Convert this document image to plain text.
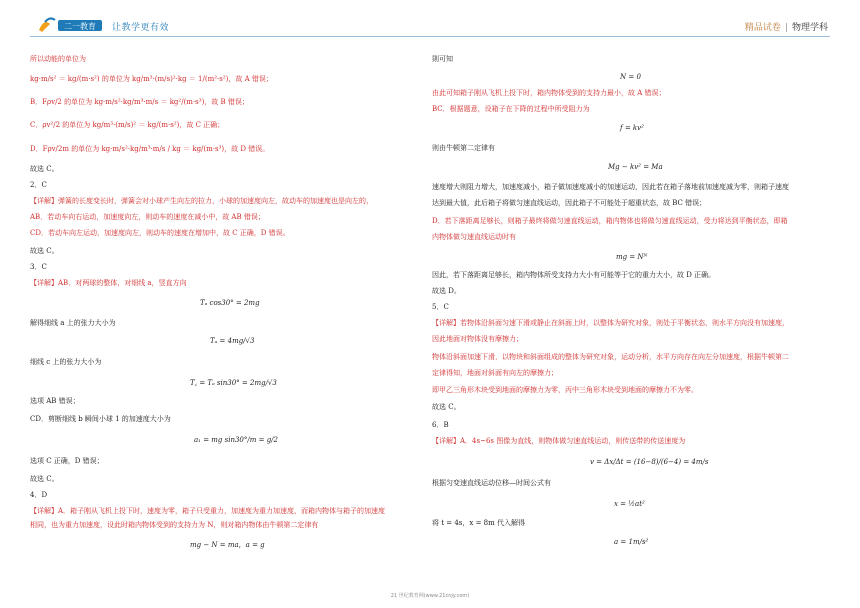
二一教育 让教学更有效	精品试卷 | 物理学科
所以动能的单位为
kg·m/s² ＝ kg/(m·s²) 的单位为 kg/m³·(m/s)²·kg ＝ 1/(m²·s²)，故 A 错误；
B．Fρv/2 的单位为 kg·m/s²·kg/m³·m/s ＝ kg²/(m·s³)，故 B 错误；
C．ρv²/2 的单位为 kg/m³·(m/s)² ＝ kg/(m·s²)，故 C 正确；
D．Fρv/2m 的单位为 kg·m/s²·kg/m³·m/s / kg ＝ kg/(m·s³)，故 D 错误。
故选 C。
2．C
【详解】弹簧的长度变长时，弹簧会对小球产生向左的拉力，小球的加速度向左，故动车的加速度也是向左的，
AB．若动车向右运动，加速度向左，则动车的速度在减小中，故 AB 错误；
CD．若动车向左运动，加速度向左，则动车的速度在增加中，故 C 正确，D 错误。
故选 C。
3．C
【详解】AB．对两球的整体，对细线 a，竖直方向
Tₐ cos30° = 2mg
解得细线 a 上的张力大小为
Tₐ = 4mg/√3
细线 c 上的张力大小为
T꜀ = Tₐ sin30° = 2mg/√3
选项 AB 错误；
CD．剪断细线 b 瞬间小球 1 的加速度大小为
a₁ = mg sin30°/m = g/2
选项 C 正确，D 错误；
故选 C。
4．D
【详解】A．箱子刚从飞机上投下时，速度为零，箱子只受重力，加速度为重力加速度，而箱内物体与箱子的加速度
相同，也为重力加速度，设此时箱内物体受到的支持力为 N，则对箱内物体由牛顿第二定律有
mg − N = ma，a = g
則可知
N = 0
由此可知箱子刚从飞机上投下时，箱内物体受到的支持力最小，故 A 错误；
BC．根据题意，设箱子在下降的过程中所受阻力为
f = kv²
则由牛顿第二定律有
Mg − kv² = Ma
速度增大则阻力增大，加速度减小，箱子做加速度减小的加速运动，因此若在箱子落地前加速度减为零，则箱子速度
达到最大值，此后箱子将做匀速直线运动，因此箱子不可能处于超重状态，故 BC 错误；
D．若下落距离足够长，则箱子最终将做匀速直线运动，箱内物体也将做匀速直线运动，受力将达到平衡状态，即箱
内物体做匀速直线运动时有
mg = Nᴺ
因此，若下落距离足够长，箱内物体所受支持力大小有可能等于它的重力大小，故 D 正确。
故选 D。
5．C
【详解】若物体沿斜面匀速下滑或静止在斜面上时，以整体为研究对象，则处于平衡状态，则水平方向没有加速度，
因此地面对物体没有摩擦力；
物体沿斜面加速下滑，以物块和斜面组成的整体为研究对象，运动分析，水平方向存在向左分加速度，根据牛顿第二
定律得知，地面对斜面有向左的摩擦力；
即甲乙三角形木块受到地面的摩擦力为零，丙中三角形木块受到地面的摩擦力不为零。
故选 C。
6．B
【详解】A．4s~6s 图像为直线，则物体做匀速直线运动，则传送带的传送速度为
v = Δx/Δt = (16−8)/(6−4) = 4m/s
根据匀变速直线运动位移—时间公式有
x = ½at²
将 t = 4s，x = 8m 代入解得
a = 1m/s²
21 世纪教育网(www.21cnjy.com)
